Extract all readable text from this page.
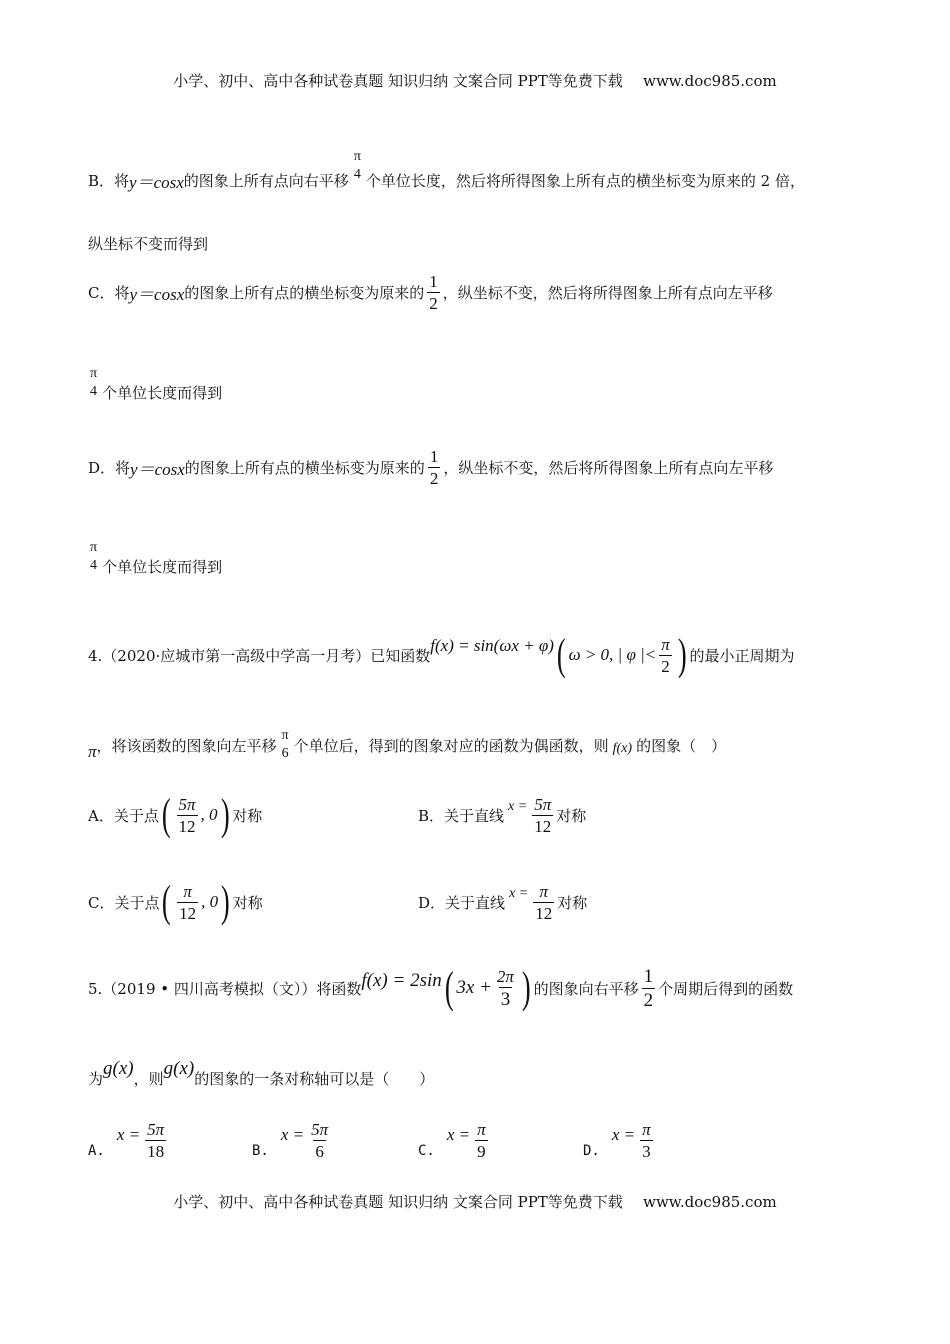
小学、初中、高中各种试卷真题 知识归纳 文案合同 PPT等免费下载 www.doc985.com
B．将 y＝cosx 的图象上所有点向右平移
π
4 个单位长度，然后将所得图象上所有点的横坐标变为原来的 2 倍，
纵坐标不变而得到
C．将 y＝cosx 的图象上所有点的横坐标变为原来的 $\frac{1}{2}$ ，纵坐标不变，然后将所得图象上所有点向左平移
π
4 个单位长度而得到
D．将 y＝cosx 的图象上所有点的横坐标变为原来的 $\frac{1}{2}$ ，纵坐标不变，然后将所得图象上所有点向左平移
π
4 个单位长度而得到
4.（2020·应城市第一高级中学高一月考）已知函数
f(x) = sin(ωx + φ) ( ω > 0, | φ |< $\frac{\pi}{2}$ ) 的最小正周期为
π ，将该函数的图象向左平移
π
6 个单位后，得到的图象对应的函数为偶函数，则 f(x) 的图象（　）
A．关于点 ( $\frac{5\pi}{12}$ , 0 ) 对称	B．关于直线 $x = \frac{5\pi}{12}$ 对称
C．关于点 ( $\frac{\pi}{12}$ , 0 ) 对称	D．关于直线 $x = \frac{\pi}{12}$ 对称
5.（2019 • 四川高考模拟（文））将函数 f(x) = 2sin ( $3x + \frac{2\pi}{3}$ ) 的图象向右平移 $\frac{1}{2}$ 个周期后得到的函数
为 g(x) ，则 g(x) 的图象的一条对称轴可以是（　　）
A.
$x = \frac{5\pi}{18}$	B.
$x = \frac{5\pi}{6}$	C.
$x = \frac{\pi}{9}$	D.
$x = \frac{\pi}{3}$
小学、初中、高中各种试卷真题 知识归纳 文案合同 PPT等免费下载 www.doc985.com
